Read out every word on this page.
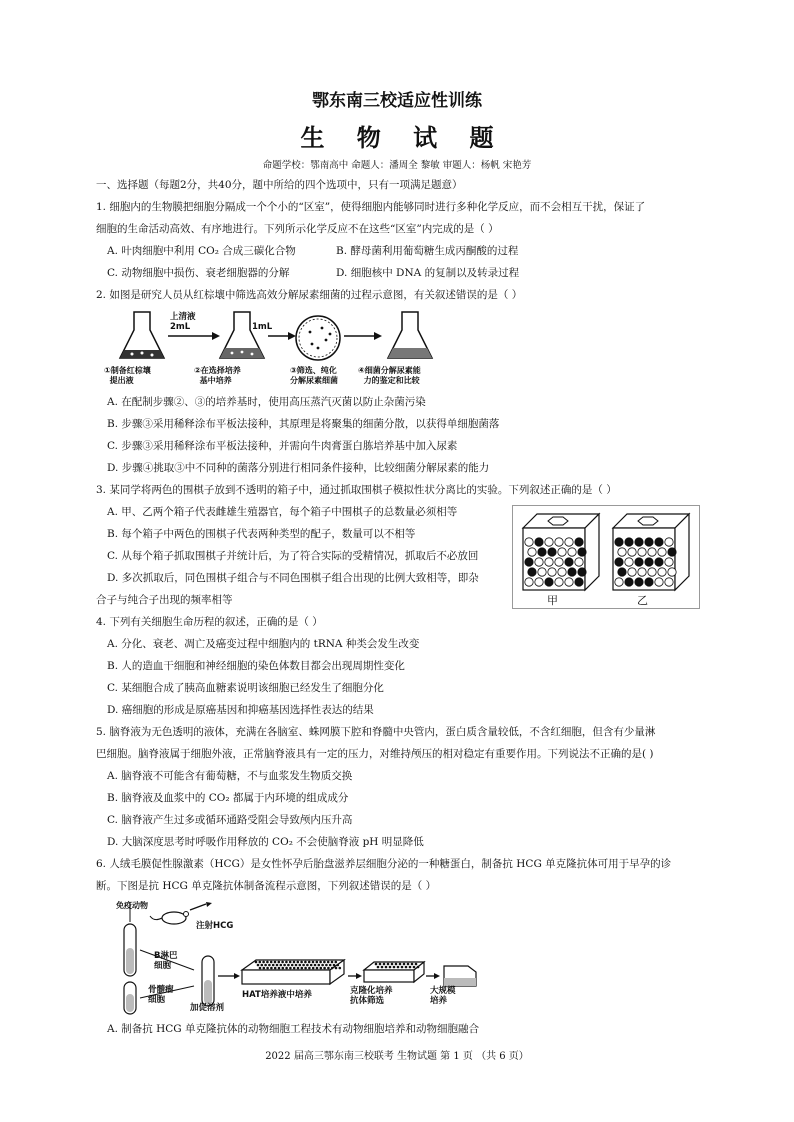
鄂东南三校适应性训练
生 物 试 题
命题学校：鄂南高中 命题人：潘周全 黎敏 审题人：杨帆 宋艳芳
一、选择题（每题2分，共40分，题中所给的四个选项中，只有一项满足题意）
1. 细胞内的生物膜把细胞分隔成一个个小的“区室”，使得细胞内能够同时进行多种化学反应，而不会相互干扰，保证了
细胞的生命活动高效、有序地进行。下列所示化学反应不在这些“区室”内完成的是（ ）
A. 叶肉细胞中利用 CO₂ 合成三碳化合物	B. 酵母菌利用葡萄糖生成丙酮酸的过程
C. 动物细胞中损伤、衰老细胞器的分解	D. 细胞核中 DNA 的复制以及转录过程
2. 如图是研究人员从红棕壤中筛选高效分解尿素细菌的过程示意图，有关叙述错误的是（ ）
上清液
2mL	1mL
①制备红棕壤
提出液
②在选择培养
基中培养
③筛选、纯化
分解尿素细菌
④细菌分解尿素能
力的鉴定和比较
A. 在配制步骤②、③的培养基时，使用高压蒸汽灭菌以防止杂菌污染
B. 步骤③采用稀释涂布平板法接种，其原理是将聚集的细菌分散，以获得单细胞菌落
C. 步骤③采用稀释涂布平板法接种，并需向牛肉膏蛋白胨培养基中加入尿素
D. 步骤④挑取③中不同种的菌落分别进行相同条件接种，比较细菌分解尿素的能力
3. 某同学将两色的围棋子放到不透明的箱子中，通过抓取围棋子模拟性状分离比的实验。下列叙述正确的是（ ）
A. 甲、乙两个箱子代表雌雄生殖器官，每个箱子中围棋子的总数量必须相等
B. 每个箱子中两色的围棋子代表两种类型的配子，数量可以不相等
C. 从每个箱子抓取围棋子并统计后，为了符合实际的受精情况，抓取后不必放回
D. 多次抓取后，同色围棋子组合与不同色围棋子组合出现的比例大致相等，即杂
合子与纯合子出现的频率相等	甲	乙
4. 下列有关细胞生命历程的叙述，正确的是（ ）
A. 分化、衰老、凋亡及癌变过程中细胞内的 tRNA 种类会发生改变
B. 人的造血干细胞和神经细胞的染色体数目都会出现周期性变化
C. 某细胞合成了胰高血糖素说明该细胞已经发生了细胞分化
D. 癌细胞的形成是原癌基因和抑癌基因选择性表达的结果
5. 脑脊液为无色透明的液体，充满在各脑室、蛛网膜下腔和脊髓中央管内，蛋白质含量较低，不含红细胞，但含有少量淋
巴细胞。脑脊液属于细胞外液，正常脑脊液具有一定的压力，对维持颅压的相对稳定有重要作用。下列说法不正确的是( )
A. 脑脊液不可能含有葡萄糖，不与血浆发生物质交换
B. 脑脊液及血浆中的 CO₂ 都属于内环境的组成成分
C. 脑脊液产生过多或循环通路受阻会导致颅内压升高
D. 大脑深度思考时呼吸作用释放的 CO₂ 不会使脑脊液 pH 明显降低
6. 人绒毛膜促性腺激素（HCG）是女性怀孕后胎盘滋养层细胞分泌的一种糖蛋白，制备抗 HCG 单克隆抗体可用于早孕的诊
断。下图是抗 HCG 单克隆抗体制备流程示意图，下列叙述错误的是（ ）
免疫动物
注射HCG
B淋巴
细胞
骨髓瘤
细胞
加促溶剂
HAT培养液中培养	克隆化培养
抗体筛选
大规模
培养
A. 制备抗 HCG 单克隆抗体的动物细胞工程技术有动物细胞培养和动物细胞融合
2022 届高三鄂东南三校联考 生物试题 第 1 页 （共 6 页）
